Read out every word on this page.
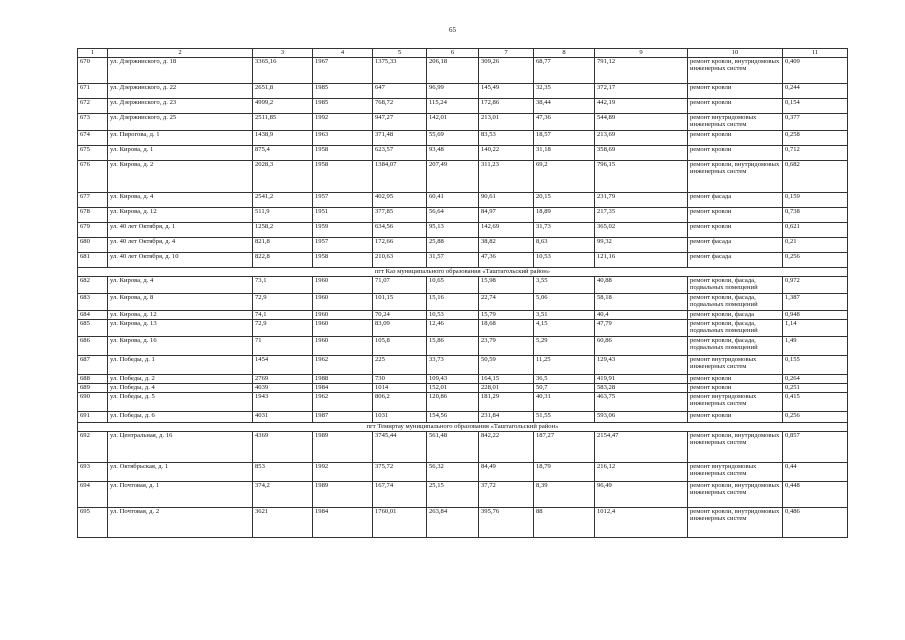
65
1	2	3	4	5	6	7	8	9	10	11
670	ул. Дзержинского, д. 18	3365,16	1967	1375,33	206,18	309,26	68,77	791,12	ремонт кровли, внутридомовых инженерных систем	0,409
671	ул. Дзержинского, д. 22	2651,8	1985	647	96,99	145,49	32,35	372,17	ремонт кровли	0,244
672	ул. Дзержинского, д. 23	4999,2	1985	768,72	115,24	172,86	38,44	442,19	ремонт кровли	0,154
673	ул. Дзержинского, д. 25	2511,85	1992	947,27	142,01	213,01	47,36	544,89	ремонт внутридомовых инженерных систем	0,377
674	ул. Пирогова, д. 1	1438,9	1963	371,48	55,69	83,53	18,57	213,69	ремонт кровли	0,258
675	ул. Кирова, д. 1	875,4	1958	623,57	93,48	140,22	31,18	358,69	ремонт кровли	0,712
676	ул. Кирова, д. 2	2028,3	1958	1384,07	207,49	311,23	69,2	796,15	ремонт кровли, внутридомовых инженерных систем	0,682
677	ул. Кирова, д. 4	2541,2	1957	402,95	60,41	90,61	20,15	231,79	ремонт фасада	0,159
678	ул. Кирова, д. 12	511,9	1951	377,85	56,64	84,97	18,89	217,35	ремонт кровли	0,738
679	ул. 40 лет Октября, д. 1	1258,2	1959	634,56	95,13	142,69	31,73	365,02	ремонт кровли	0,621
680	ул. 40 лет Октября, д. 4	821,8	1957	172,66	25,88	38,82	8,63	99,32	ремонт фасада	0,21
681	ул. 40 лет Октября, д. 10	822,8	1958	210,63	31,57	47,36	10,53	121,16	ремонт фасада	0,256
пгт Каз муниципального образования «Таштагольский район»										
682	ул. Кирова, д. 4	73,1	1960	71,07	10,65	15,98	3,55	40,88	ремонт кровли, фасада, подвальных помещений	0,972
683	ул. Кирова, д. 8	72,9	1960	101,15	15,16	22,74	5,06	58,18	ремонт кровли, фасада, подвальных помещений	1,387
684	ул. Кирова, д. 12	74,1	1960	70,24	10,53	15,79	3,51	40,4	ремонт кровли, фасада	0,948
685	ул. Кирова, д. 13	72,9	1960	83,09	12,46	18,68	4,15	47,79	ремонт кровли, фасада, подвальных помещений	1,14
686	ул. Кирова, д. 16	71	1960	105,8	15,86	23,79	5,29	60,86	ремонт кровли, фасада, подвальных помещений	1,49
687	ул. Победы, д. 1	1454	1962	225	33,73	50,59	11,25	129,43	ремонт внутридомовых инженерных систем	0,155
688	ул. Победы, д. 2	2769	1988	730	109,43	164,15	36,5	419,91	ремонт кровли	0,264
689	ул. Победы, д. 4	4039	1984	1014	152,01	228,01	50,7	583,28	ремонт кровли	0,251
690	ул. Победы, д. 5	1943	1962	806,2	120,86	181,29	40,31	463,75	ремонт внутридомовых инженерных систем	0,415
691	ул. Победы, д. 6	4031	1987	1031	154,56	231,84	51,55	593,06	ремонт кровли	0,256
пгт Темиртау муниципального образования «Таштагольский район»										
692	ул. Центральная, д. 16	4369	1989	3745,44	561,48	842,22	187,27	2154,47	ремонт кровли, внутридомовых инженерных систем	0,857
693	ул. Октябрьская, д. 1	853	1992	375,72	56,32	84,49	18,79	216,12	ремонт внутридомовых инженерных систем	0,44
694	ул. Почтовая, д. 1	374,2	1989	167,74	25,15	37,72	8,39	96,49	ремонт кровли, внутридомовых инженерных систем	0,448
695	ул. Почтовая, д. 2	3621	1984	1760,01	263,84	395,76	88	1012,4	ремонт кровли, внутридомовых инженерных систем	0,486
